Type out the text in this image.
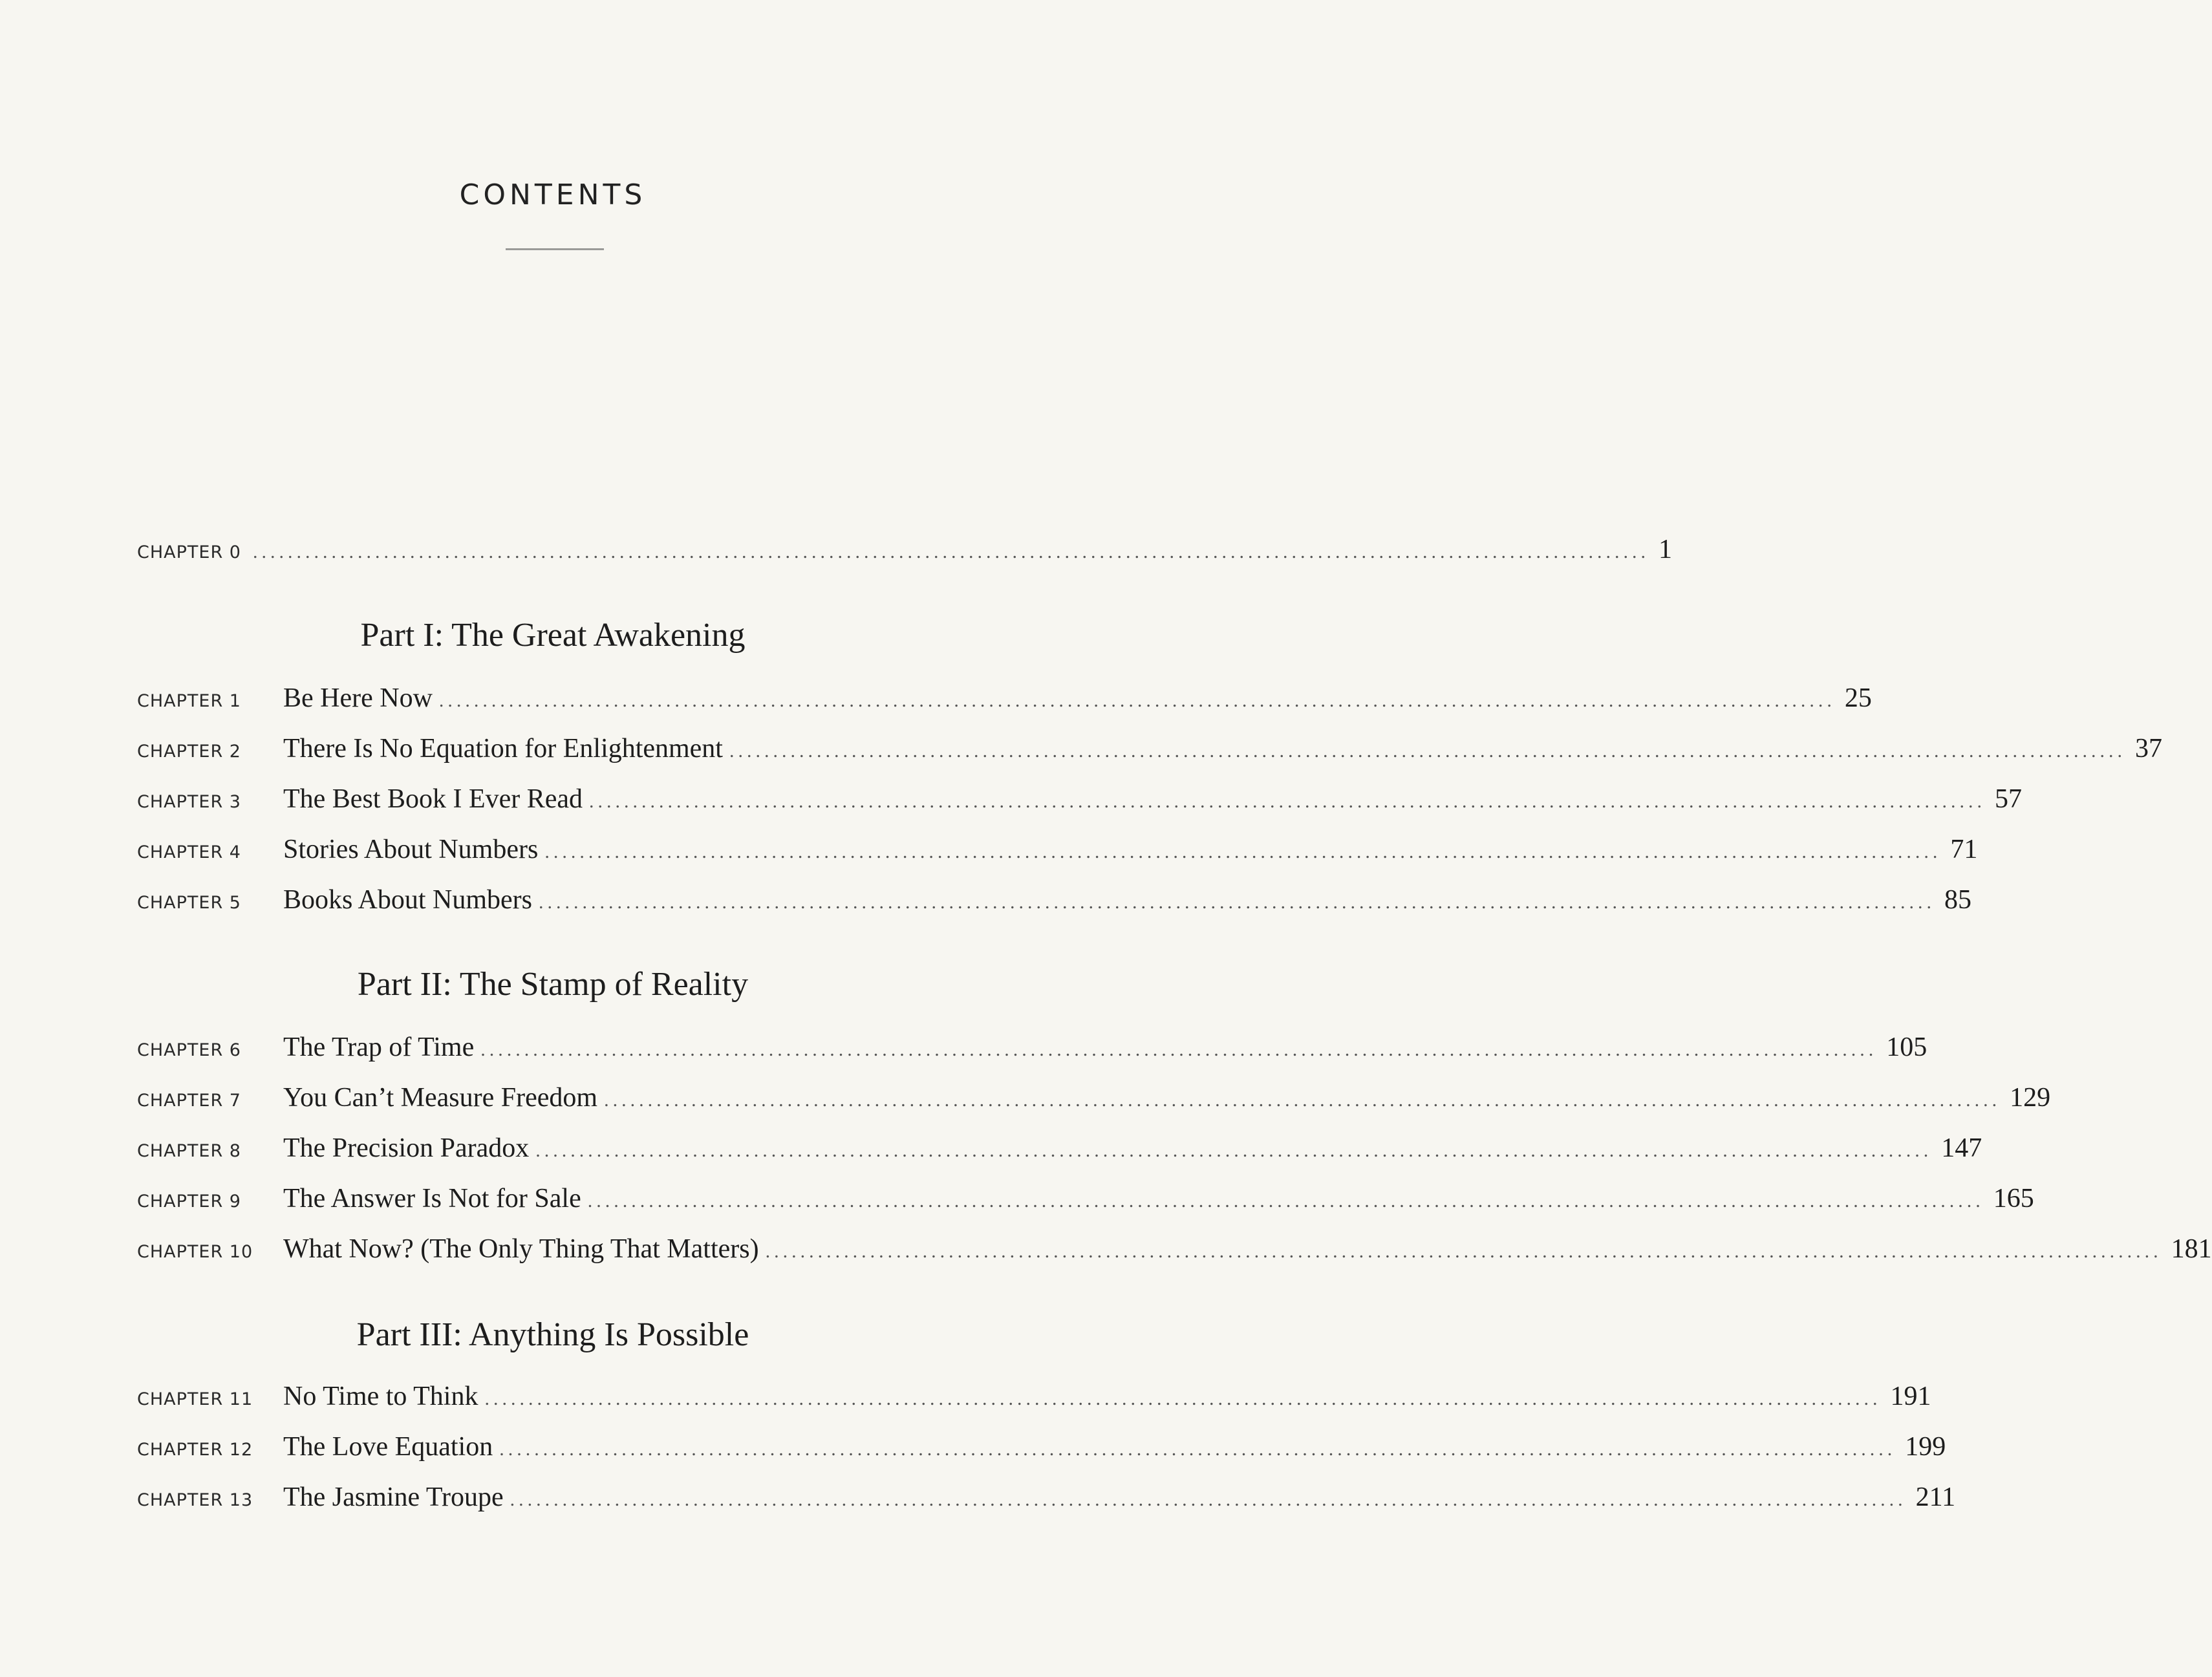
CONTENTS
CHAPTER 0 ................................................................................................................................................................ 1
Part I: The Great Awakening
CHAPTER 1	Be Here Now ................................................................................................................................................................ 25
CHAPTER 2	There Is No Equation for Enlightenment ................................................................................................................................................................ 37
CHAPTER 3	The Best Book I Ever Read ................................................................................................................................................................ 57
CHAPTER 4	Stories About Numbers ................................................................................................................................................................ 71
CHAPTER 5	Books About Numbers ................................................................................................................................................................ 85
Part II: The Stamp of Reality
CHAPTER 6	The Trap of Time ................................................................................................................................................................ 105
CHAPTER 7	You Can’t Measure Freedom ................................................................................................................................................................ 129
CHAPTER 8	The Precision Paradox ................................................................................................................................................................ 147
CHAPTER 9	The Answer Is Not for Sale ................................................................................................................................................................ 165
CHAPTER 10	What Now? (The Only Thing That Matters) ................................................................................................................................................................ 181
Part III: Anything Is Possible
CHAPTER 11	No Time to Think ................................................................................................................................................................ 191
CHAPTER 12	The Love Equation ................................................................................................................................................................ 199
CHAPTER 13	The Jasmine Troupe ................................................................................................................................................................ 211
